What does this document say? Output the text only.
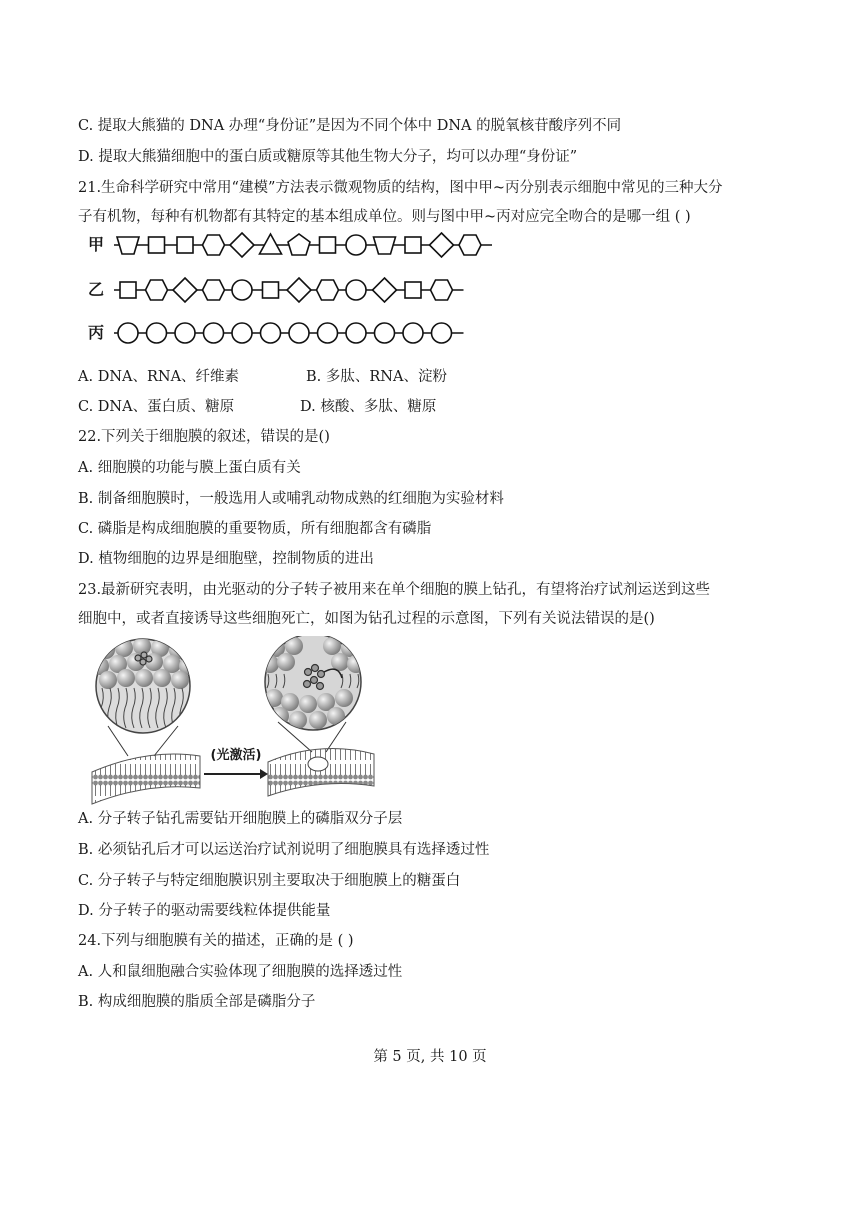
C. 提取大熊猫的 DNA 办理“身份证”是因为不同个体中 DNA 的脱氧核苷酸序列不同
D. 提取大熊猫细胞中的蛋白质或糖原等其他生物大分子，均可以办理“身份证”
21.生命科学研究中常用“建模”方法表示微观物质的结构，图中甲~丙分别表示细胞中常见的三种大分
子有机物，每种有机物都有其特定的基本组成单位。则与图中甲~丙对应完全吻合的是哪一组 ( )
甲
乙
丙
A. DNA、RNA、纤维素	B. 多肽、RNA、淀粉
C. DNA、蛋白质、糖原	D. 核酸、多肽、糖原
22.下列关于细胞膜的叙述，错误的是()
A. 细胞膜的功能与膜上蛋白质有关
B. 制备细胞膜时，一般选用人或哺乳动物成熟的红细胞为实验材料
C. 磷脂是构成细胞膜的重要物质，所有细胞都含有磷脂
D. 植物细胞的边界是细胞壁，控制物质的进出
23.最新研究表明，由光驱动的分子转子被用来在单个细胞的膜上钻孔，有望将治疗试剂运送到这些
细胞中，或者直接诱导这些细胞死亡，如图为钻孔过程的示意图，下列有关说法错误的是()
(光激活)
A. 分子转子钻孔需要钻开细胞膜上的磷脂双分子层
B. 必须钻孔后才可以运送治疗试剂说明了细胞膜具有选择透过性
C. 分子转子与特定细胞膜识别主要取决于细胞膜上的糖蛋白
D. 分子转子的驱动需要线粒体提供能量
24.下列与细胞膜有关的描述，正确的是 ( )
A. 人和鼠细胞融合实验体现了细胞膜的选择透过性
B. 构成细胞膜的脂质全部是磷脂分子
第 5 页, 共 10 页
